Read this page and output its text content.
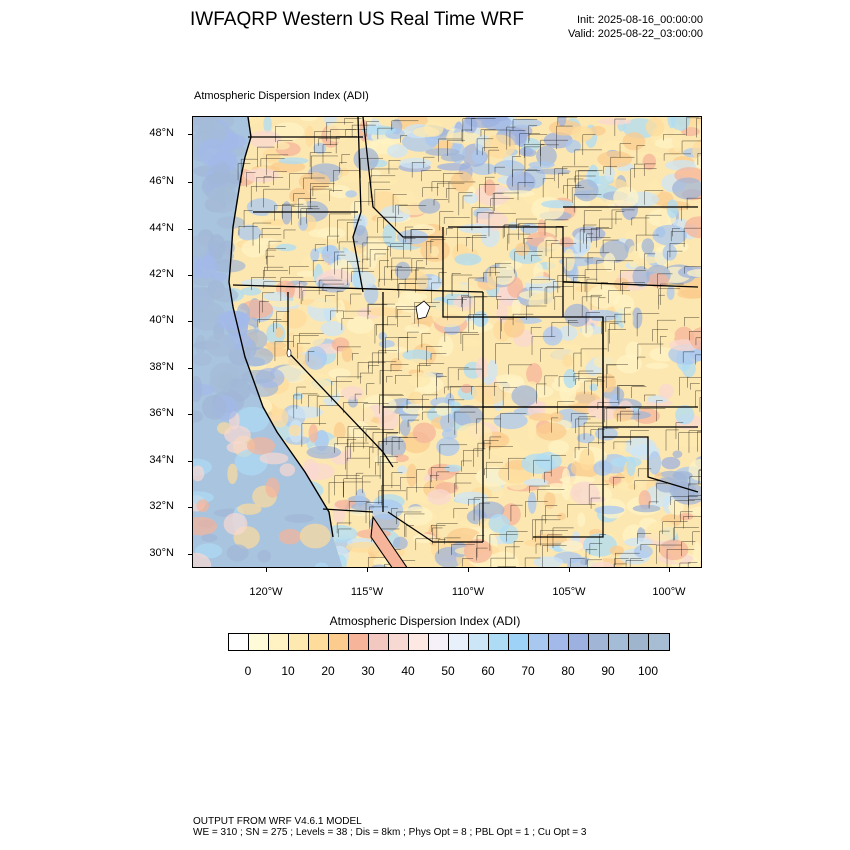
IWFAQRP Western US Real Time WRF	Init: 2025-08-16_00:00:00
Valid: 2025-08-22_03:00:00
Atmospheric Dispersion Index (ADI)
48°N
46°N
44°N
42°N
40°N
38°N
36°N
34°N
32°N
30°N
120°W	115°W	110°W	105°W	100°W
Atmospheric Dispersion Index (ADI)
0	10	20	30	40	50	60	70	80	90	100
OUTPUT FROM WRF V4.6.1 MODEL
WE = 310 ; SN = 275 ; Levels = 38 ; Dis = 8km ; Phys Opt = 8 ; PBL Opt = 1 ; Cu Opt = 3
